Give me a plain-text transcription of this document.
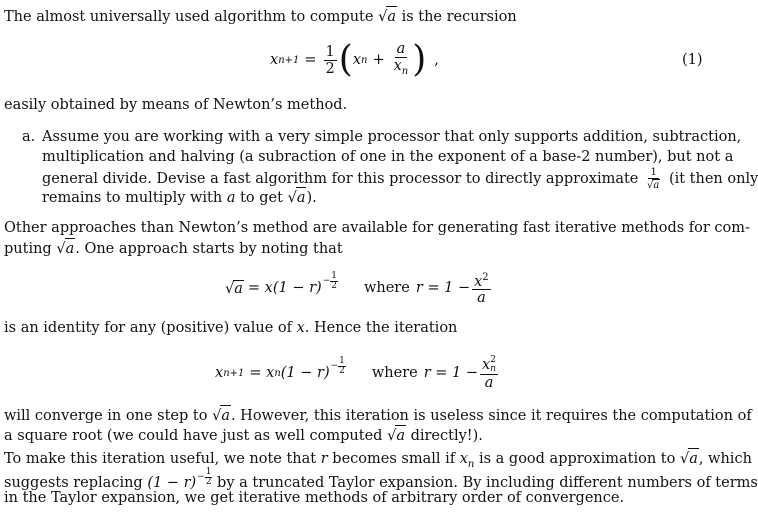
The almost universally used algorithm to compute √a is the recursion
x $n+1 = \frac{1}{2}$ ( x $n + \frac{a}{x_n}$ ) ,	(1)
easily obtained by means of Newton’s method.
a. Assume you are working with a very simple processor that only supports addition, subtraction,
multiplication and halving (a subraction of one in the exponent of a base-2 number), but not a
general divide. Devise a fast algorithm for this processor to directly approximate $\frac{1}{√a} (it$ then only
remains to multiply with a to get √a).
Other approaches than Newton’s method are available for generating fast iterative methods for com-
puting √a. One approach starts by noting that
$√a = x(1 - r) - \frac{1}{2}$ where $r = 1 - \frac{x^2}{a}$
is an identity for any (positive) value of x. Hence the iteration
x n+1 = x n $(1 - r) - \frac{1}{2}$ where r = 1 − x 2
n
a
will converge in one step to √a. However, this iteration is useless since it requires the computation of
a square root (we could have just as well computed √a directly!).
To make this iteration useful, we note that r becomes small if $x_n$ is a good approximation to √a, which
suggests replacing $(1 - r) - \frac{1}{2}$ by a truncated Taylor expansion. By including different numbers of terms
in the Taylor expansion, we get iterative methods of arbitrary order of convergence.
